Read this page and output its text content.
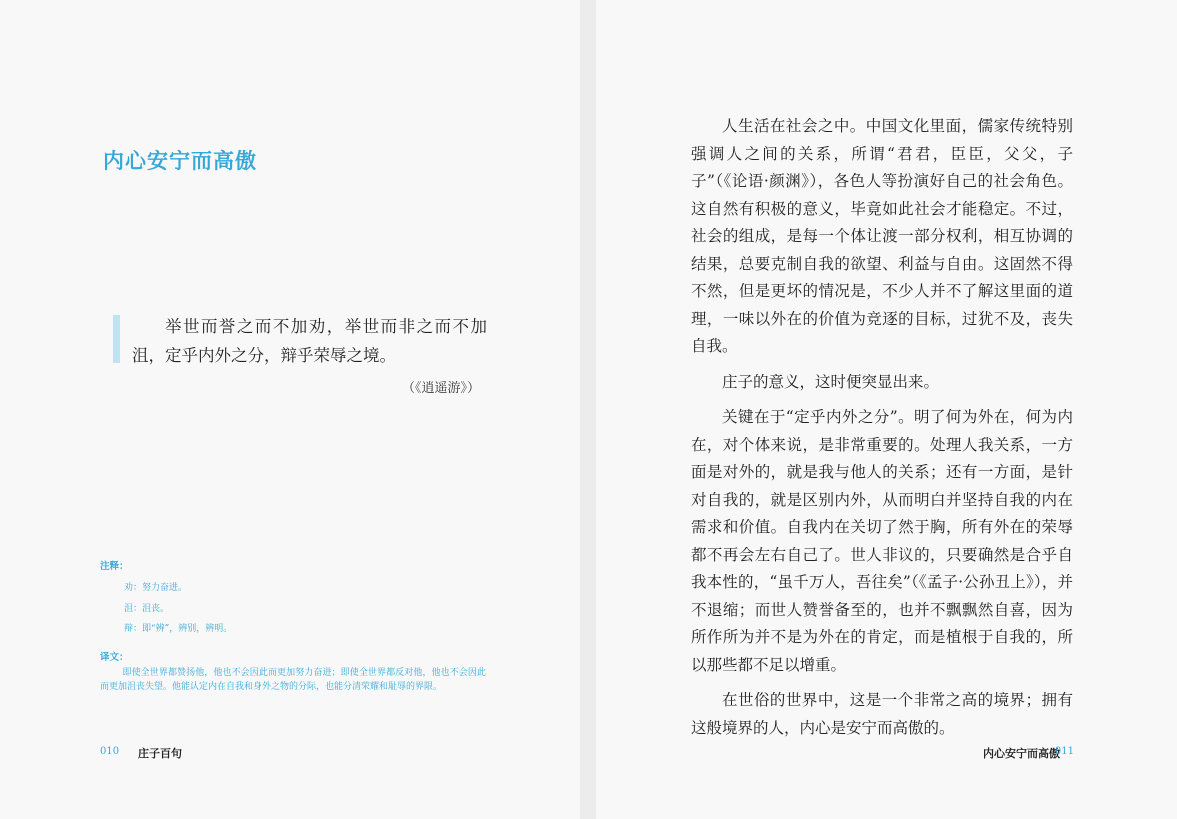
内心安宁而高傲

举世而誉之而不加劝，举世而非之而不加沮，定乎内外之分，辩乎荣辱之境。

（《逍遥游》）
注释：
劝：努力奋进。
沮：沮丧。
辩：即“辨”，辨别，辨明。
译文：

即使全世界都赞扬他，他也不会因此而更加努力奋进；即使全世界都反对他，他也不会因此而更加沮丧失望。他能认定内在自我和身外之物的分际，也能分清荣耀和耻辱的界限。

010 庄子百句

人生活在社会之中。中国文化里面，儒家传统特别强调人之间的关系，所谓“君君，臣臣，父父，子子”（《论语·颜渊》），各色人等扮演好自己的社会角色。这自然有积极的意义，毕竟如此社会才能稳定。不过，社会的组成，是每一个体让渡一部分权利，相互协调的结果，总要克制自我的欲望、利益与自由。这固然不得不然，但是更坏的情况是，不少人并不了解这里面的道理，一味以外在的价值为竞逐的目标，过犹不及，丧失自我。

庄子的意义，这时便突显出来。

关键在于“定乎内外之分”。明了何为外在，何为内在，对个体来说，是非常重要的。处理人我关系，一方面是对外的，就是我与他人的关系；还有一方面，是针对自我的，就是区别内外，从而明白并坚持自我的内在需求和价值。自我内在关切了然于胸，所有外在的荣辱都不再会左右自己了。世人非议的，只要确然是合乎自我本性的，“虽千万人，吾往矣”（《孟子·公孙丑上》），并不退缩；而世人赞誉备至的，也并不飘飘然自喜，因为所作所为并不是为外在的肯定，而是植根于自我的，所以那些都不足以增重。

在世俗的世界中，这是一个非常之高的境界；拥有这般境界的人，内心是安宁而高傲的。

内心安宁而高傲
011
